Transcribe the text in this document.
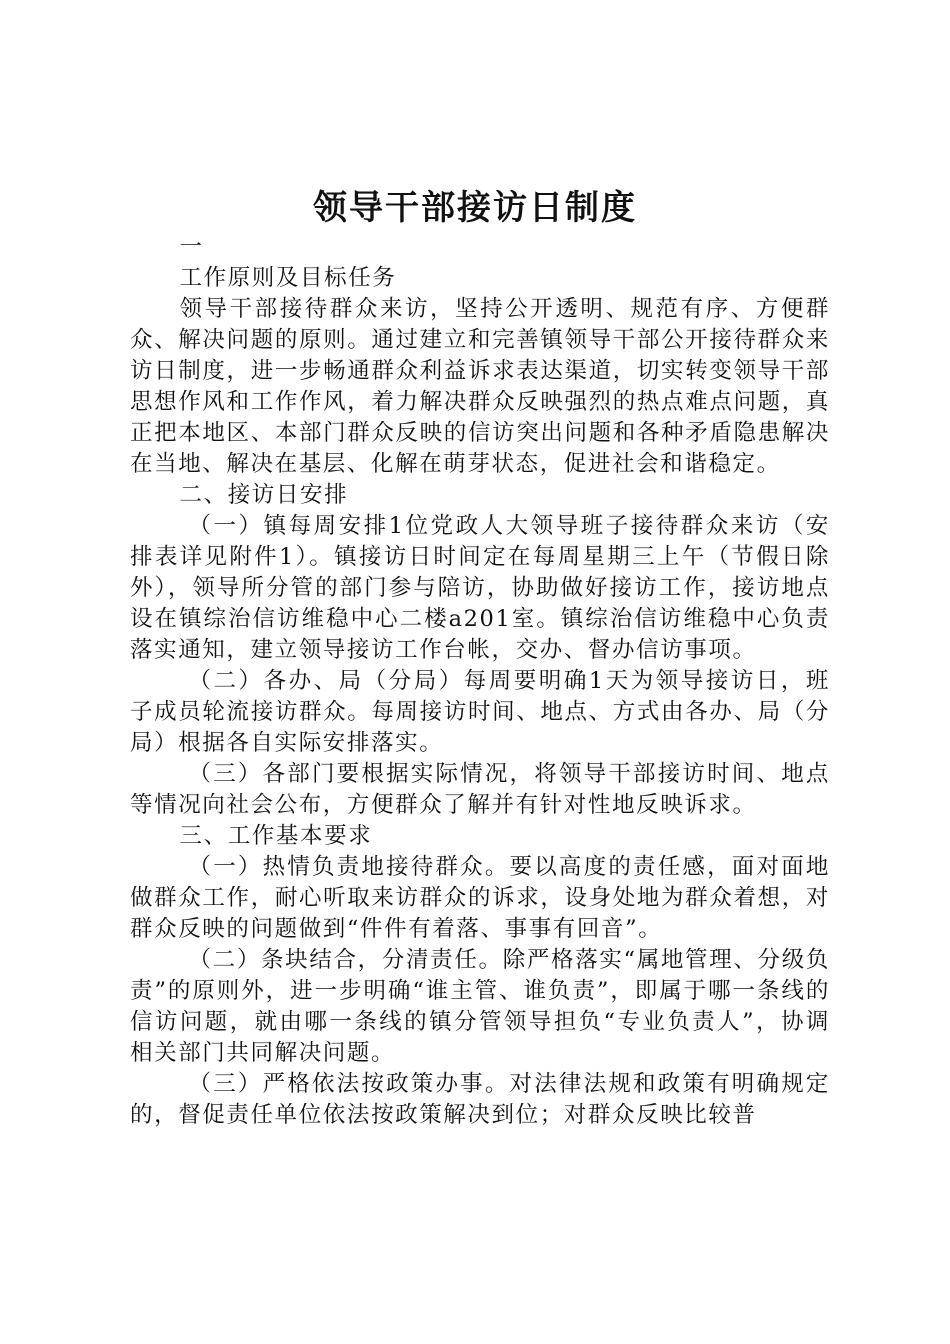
领导干部接访日制度

一

工作原则及目标任务

领导干部接待群众来访，坚持公开透明、规范有序、方便群众、解决问题的原则。通过建立和完善镇领导干部公开接待群众来访日制度，进一步畅通群众利益诉求表达渠道，切实转变领导干部思想作风和工作作风，着力解决群众反映强烈的热点难点问题，真正把本地区、本部门群众反映的信访突出问题和各种矛盾隐患解决在当地、解决在基层、化解在萌芽状态，促进社会和谐稳定。

二、接访日安排

（一）镇每周安排1位党政人大领导班子接待群众来访（安排表详见附件1）。镇接访日时间定在每周星期三上午（节假日除外），领导所分管的部门参与陪访，协助做好接访工作，接访地点设在镇综治信访维稳中心二楼a201室。镇综治信访维稳中心负责落实通知，建立领导接访工作台帐，交办、督办信访事项。

（二）各办、局（分局）每周要明确1天为领导接访日，班子成员轮流接访群众。每周接访时间、地点、方式由各办、局（分局）根据各自实际安排落实。

（三）各部门要根据实际情况，将领导干部接访时间、地点等情况向社会公布，方便群众了解并有针对性地反映诉求。

三、工作基本要求

（一）热情负责地接待群众。要以高度的责任感，面对面地做群众工作，耐心听取来访群众的诉求，设身处地为群众着想，对群众反映的问题做到“件件有着落、事事有回音”。

（二）条块结合，分清责任。除严格落实“属地管理、分级负责”的原则外，进一步明确“谁主管、谁负责”，即属于哪一条线的信访问题，就由哪一条线的镇分管领导担负“专业负责人”，协调相关部门共同解决问题。

（三）严格依法按政策办事。对法律法规和政策有明确规定的，督促责任单位依法按政策解决到位；对群众反映比较普
